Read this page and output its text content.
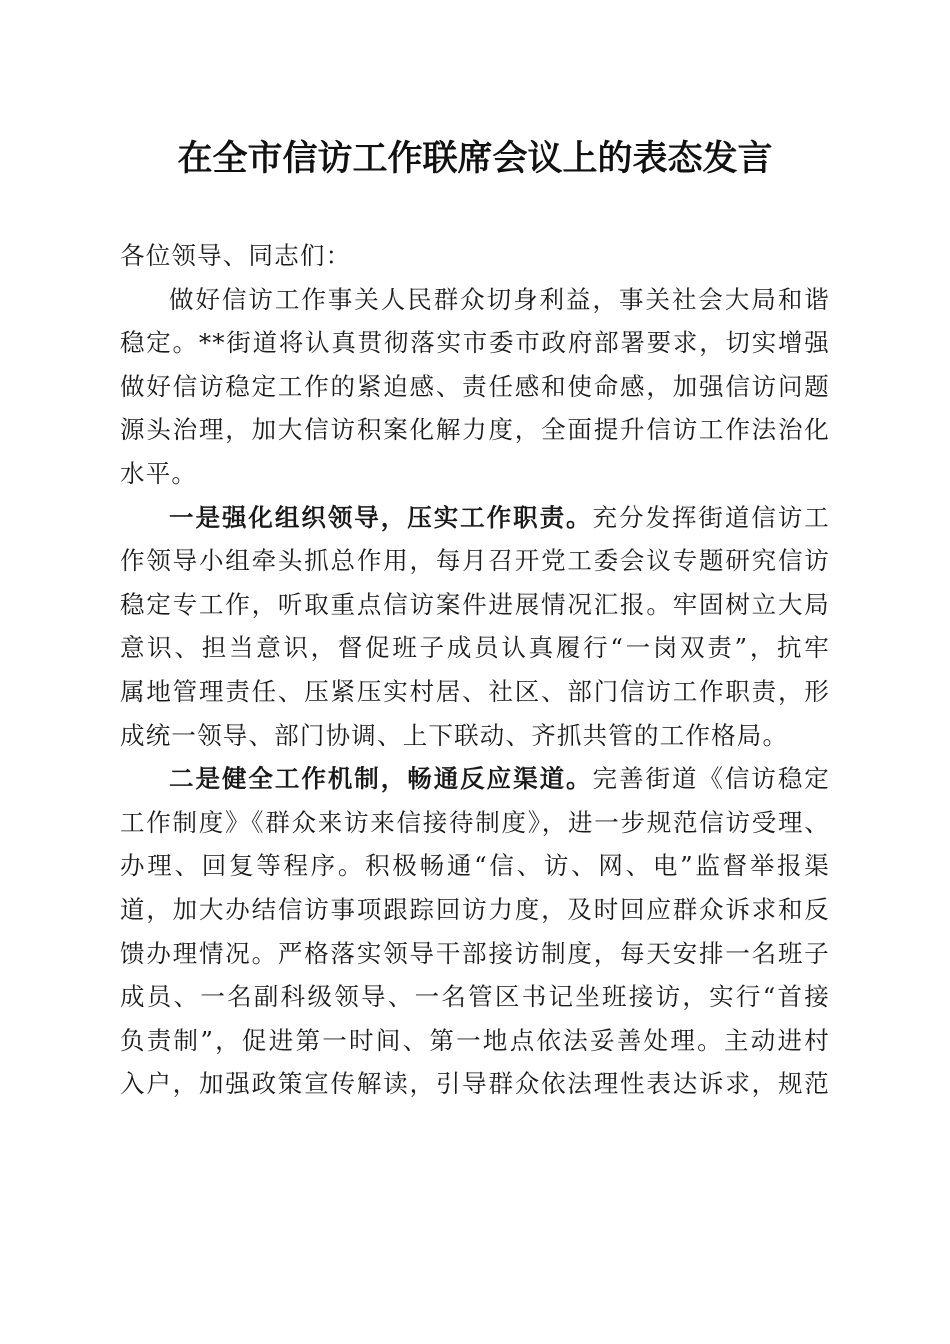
在全市信访工作联席会议上的表态发言
各位领导、同志们：
做好信访工作事关人民群众切身利益，事关社会大局和谐
稳定。**街道将认真贯彻落实市委市政府部署要求，切实增强
做好信访稳定工作的紧迫感、责任感和使命感，加强信访问题
源头治理，加大信访积案化解力度，全面提升信访工作法治化
水平。
一是强化组织领导，压实工作职责。充分发挥街道信访工
作领导小组牵头抓总作用，每月召开党工委会议专题研究信访
稳定专工作，听取重点信访案件进展情况汇报。牢固树立大局
意识、担当意识，督促班子成员认真履行“一岗双责”，抗牢
属地管理责任、压紧压实村居、社区、部门信访工作职责，形
成统一领导、部门协调、上下联动、齐抓共管的工作格局。
二是健全工作机制，畅通反应渠道。完善街道《信访稳定
工作制度》《群众来访来信接待制度》，进一步规范信访受理、
办理、回复等程序。积极畅通“信、访、网、电”监督举报渠
道，加大办结信访事项跟踪回访力度，及时回应群众诉求和反
馈办理情况。严格落实领导干部接访制度，每天安排一名班子
成员、一名副科级领导、一名管区书记坐班接访，实行“首接
负责制”，促进第一时间、第一地点依法妥善处理。主动进村
入户，加强政策宣传解读，引导群众依法理性表达诉求，规范
